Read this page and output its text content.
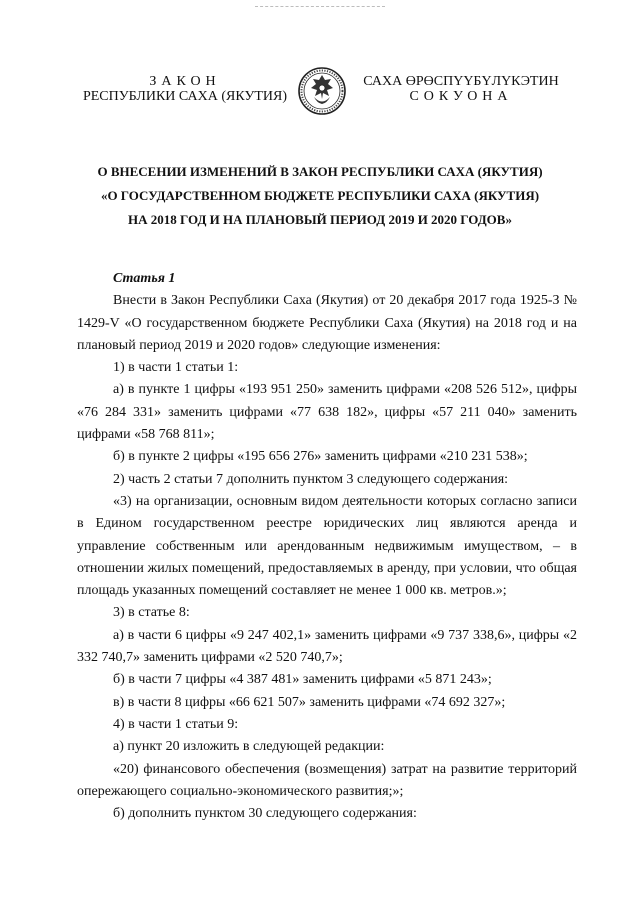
ЗАКОН
РЕСПУБЛИКИ САХА (ЯКУТИЯ)
САХА ӨРӨСПҮҮБҮЛҮКЭТИН
СОКУОНА
О ВНЕСЕНИИ ИЗМЕНЕНИЙ В ЗАКОН РЕСПУБЛИКИ САХА (ЯКУТИЯ)
«О ГОСУДАРСТВЕННОМ БЮДЖЕТЕ РЕСПУБЛИКИ САХА (ЯКУТИЯ)
НА 2018 ГОД И НА ПЛАНОВЫЙ ПЕРИОД 2019 И 2020 ГОДОВ»

Статья 1

Внести в Закон Республики Саха (Якутия) от 20 декабря 2017 года 1925-З № 1429-V «О государственном бюджете Республики Саха (Якутия) на 2018 год и на плановый период 2019 и 2020 годов» следующие изменения:

1) в части 1 статьи 1:

а) в пункте 1 цифры «193 951 250» заменить цифрами «208 526 512», цифры «76 284 331» заменить цифрами «77 638 182», цифры «57 211 040» заменить цифрами «58 768 811»;

б) в пункте 2 цифры «195 656 276» заменить цифрами «210 231 538»;

2) часть 2 статьи 7 дополнить пунктом 3 следующего содержания:

«3) на организации, основным видом деятельности которых согласно записи в Едином государственном реестре юридических лиц являются аренда и управление собственным или арендованным недвижимым имуществом, – в отношении жилых помещений, предоставляемых в аренду, при условии, что общая площадь указанных помещений составляет не менее 1 000 кв. метров.»;

3) в статье 8:

а) в части 6 цифры «9 247 402,1» заменить цифрами «9 737 338,6», цифры «2 332 740,7» заменить цифрами «2 520 740,7»;

б) в части 7 цифры «4 387 481» заменить цифрами «5 871 243»;

в) в части 8 цифры «66 621 507» заменить цифрами «74 692 327»;

4) в части 1 статьи 9:

а) пункт 20 изложить в следующей редакции:

«20) финансового обеспечения (возмещения) затрат на развитие территорий опережающего социально-экономического развития;»;

б) дополнить пунктом 30 следующего содержания:
